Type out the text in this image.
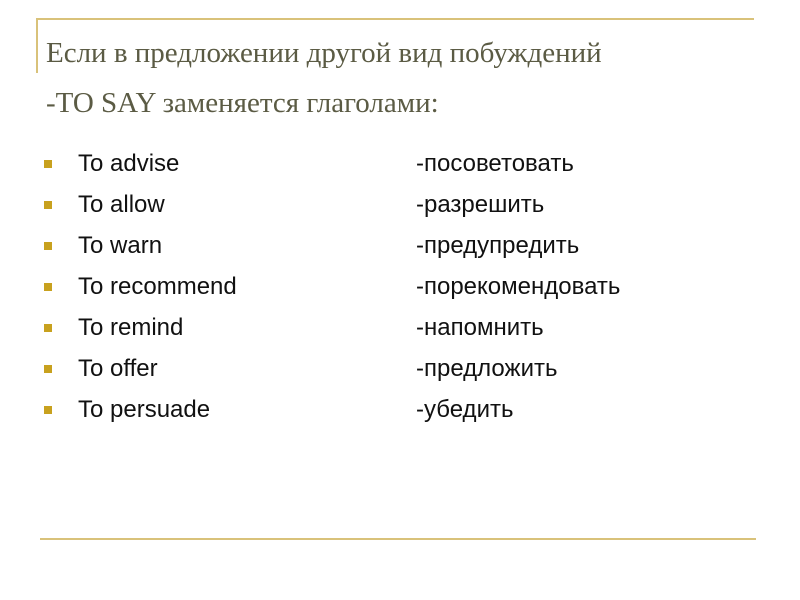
Если в предложении другой вид побуждений
-TO SAY заменяется глаголами:
To advise	-посоветовать
To allow	-разрешить
To warn	-предупредить
To recommend	-порекомендовать
To remind	-напомнить
To offer	-предложить
To persuade	-убедить
